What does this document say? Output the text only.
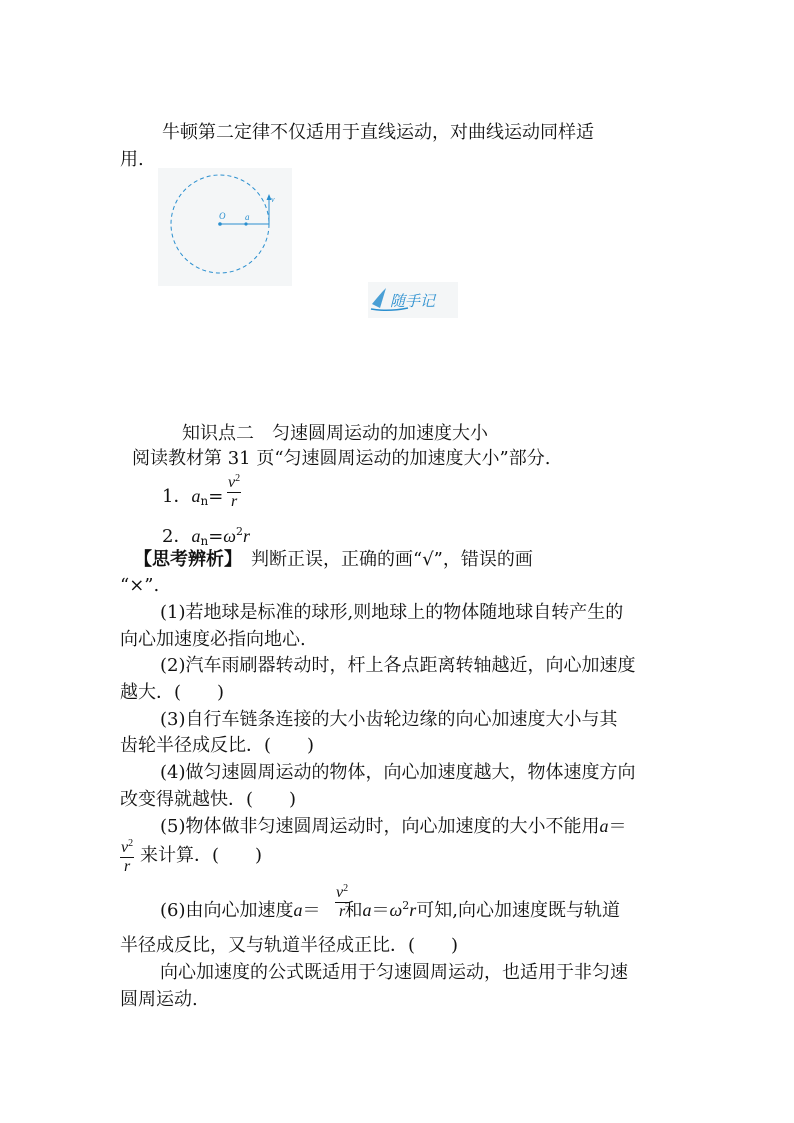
牛顿第二定律不仅适用于直线运动，对曲线运动同样适
用.
O a
v
随手记
知识点二　匀速圆周运动的加速度大小
阅读教材第 31 页“匀速圆周运动的加速度大小”部分.
1．$a_n= \frac{v^2}{r}$
2．$a_n=\omega^2r$
【思考辨析】　判断正误，正确的画“√”，错误的画
“×”.
(1)若地球是标准的球形,则地球上的物体随地球自转产生的
向心加速度必指向地心.
(2)汽车雨刷器转动时，杆上各点距离转轴越近，向心加速度
越大．(　　)
(3)自行车链条连接的大小齿轮边缘的向心加速度大小与其
齿轮半径成反比．(　　)
(4)做匀速圆周运动的物体，向心加速度越大，物体速度方向
改变得就越快．(　　)
(5)物体做非匀速圆周运动时，向心加速度的大小不能用a＝
$\frac{v^2}{r}$ 来计算．(　　)
(6)由向心加速度a＝ 和$a=\omega^2r$可知,向心加速度既与轨道
$\frac{v^2}{r}$
半径成反比，又与轨道半径成正比．(　　)
向心加速度的公式既适用于匀速圆周运动，也适用于非匀速
圆周运动.
